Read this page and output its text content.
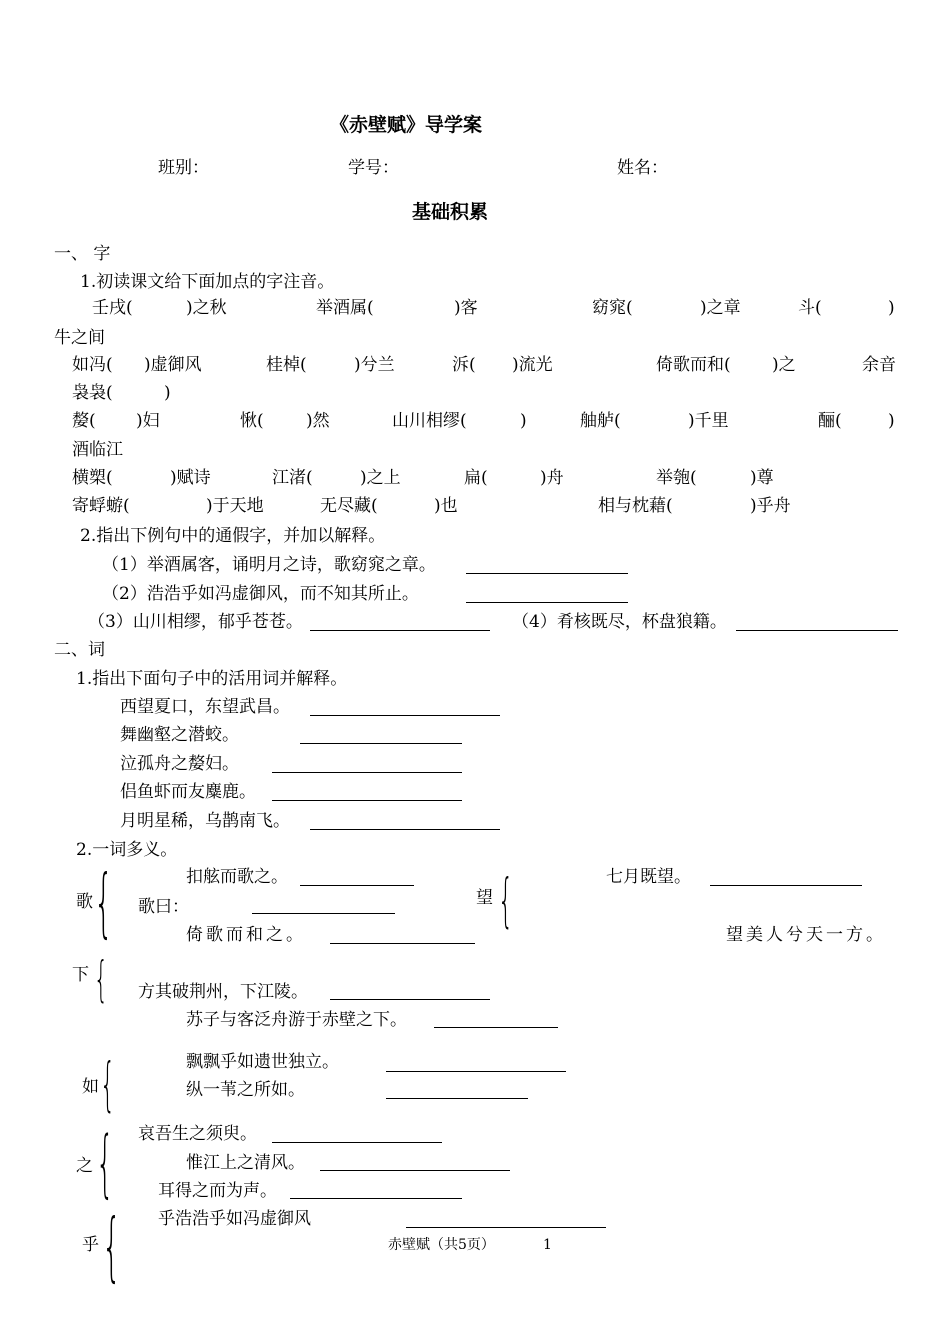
《赤壁赋》导学案
班别：	学号：	姓名：
基础积累
一、 字
1.初读课文给下面加点的字注音。
壬戌(	)之秋	举酒属(	)客	窈窕(	)之章	斗(	)
牛之间
如冯( )虚御风	桂棹(	)兮兰	泝( )流光	倚歌而和( )之	余音
袅袅(	)
嫠( )妇	愀( )然	山川相缪(	)	舳舻(	)千里	酾(	)
酒临江
横槊(	)赋诗	江渚(	)之上	扁(	)舟	举匏(	)尊
寄蜉蝣(	)于天地	无尽藏(	)也	相与枕藉(	)乎舟
2.指出下例句中的通假字，并加以解释。
（1）举酒属客，诵明月之诗，歌窈窕之章。
（2）浩浩乎如冯虚御风，而不知其所止。
（3）山川相缪，郁乎苍苍。	（4）肴核既尽，杯盘狼籍。
二、词
1.指出下面句子中的活用词并解释。
西望夏口，东望武昌。
舞幽壑之潜蛟。
泣孤舟之嫠妇。
侣鱼虾而友麋鹿。
月明星稀，乌鹊南飞。
2.一词多义。
歌 {	扣舷而歌之。
歌曰：
倚歌而和之。
望 {	七月既望。
望美人兮天一方。
下 { 方其破荆州，下江陵。
苏子与客泛舟游于赤壁之下。
如 {	飘飘乎如遗世独立。
纵一苇之所如。
之 { 哀吾生之须臾。
惟江上之清风。
耳得之而为声。
乎 { 乎浩浩乎如冯虚御风
赤壁赋（共5页）	1
